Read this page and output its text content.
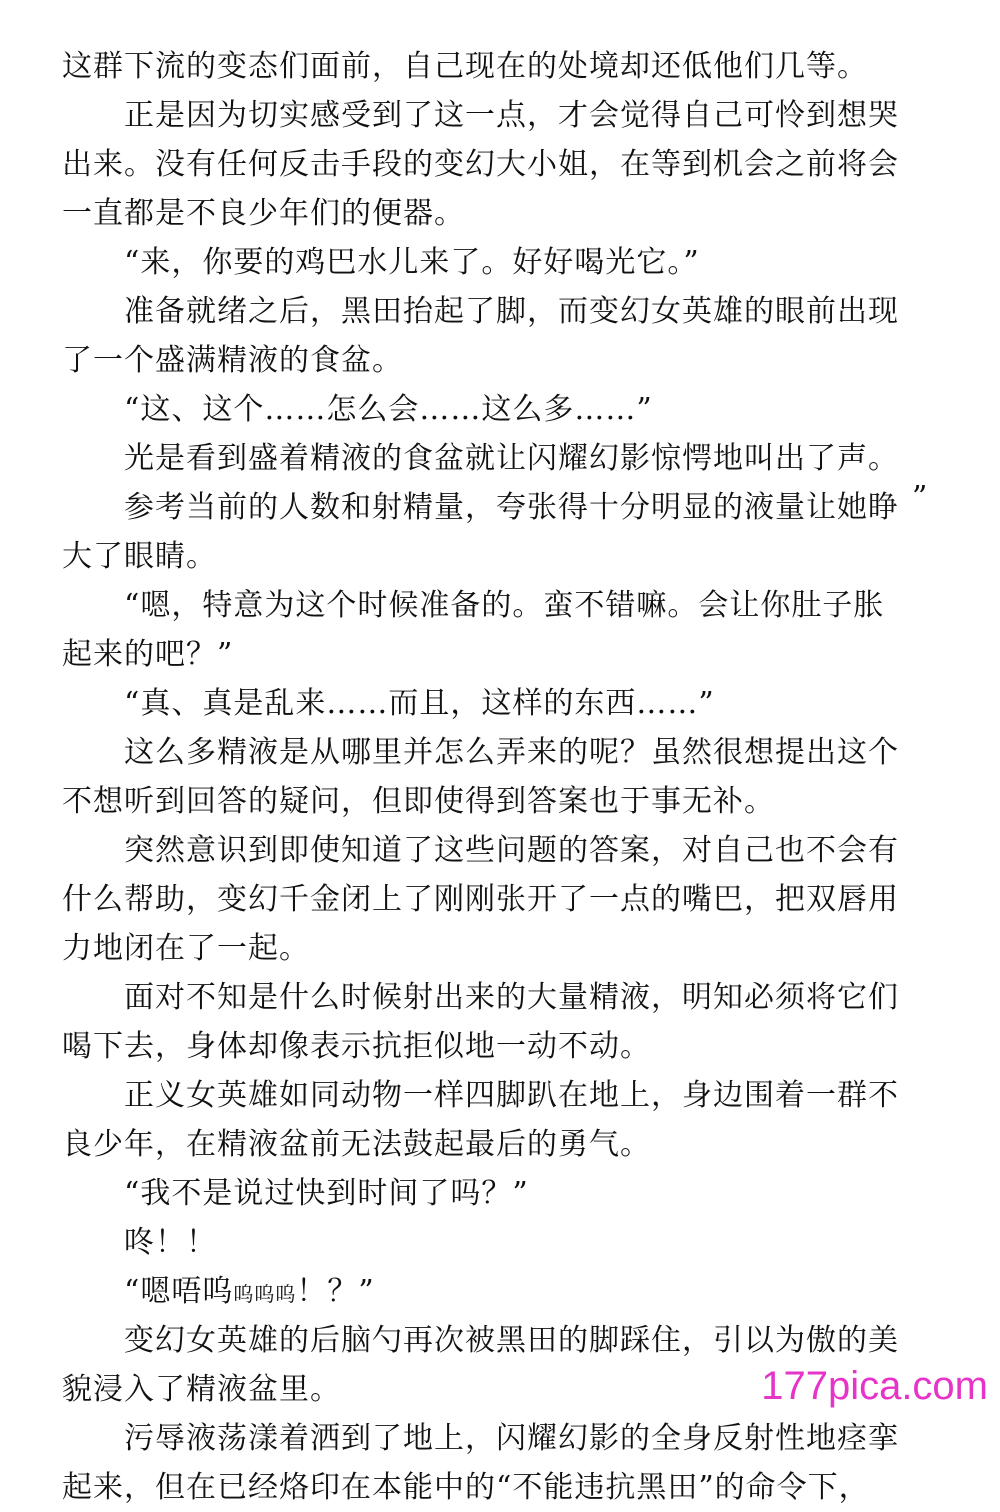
这群下流的变态们面前，自己现在的处境却还低他们几等。
正是因为切实感受到了这一点，才会觉得自己可怜到想哭
出来。没有任何反击手段的变幻大小姐，在等到机会之前将会
一直都是不良少年们的便器。
“来，你要的鸡巴水儿来了。好好喝光它。”
准备就绪之后，黑田抬起了脚，而变幻女英雄的眼前出现
了一个盛满精液的食盆。
“这、这个……怎么会……这么多……”
光是看到盛着精液的食盆就让闪耀幻影惊愕地叫出了声。
参考当前的人数和射精量，夸张得十分明显的液量让她睁
大了眼睛。
“嗯，特意为这个时候准备的。蛮不错嘛。会让你肚子胀
起来的吧？”
“真、真是乱来……而且，这样的东西……”
这么多精液是从哪里并怎么弄来的呢？虽然很想提出这个
不想听到回答的疑问，但即使得到答案也于事无补。
突然意识到即使知道了这些问题的答案，对自己也不会有
什么帮助，变幻千金闭上了刚刚张开了一点的嘴巴，把双唇用
力地闭在了一起。
面对不知是什么时候射出来的大量精液，明知必须将它们
喝下去，身体却像表示抗拒似地一动不动。
正义女英雄如同动物一样四脚趴在地上，身边围着一群不
良少年，在精液盆前无法鼓起最后的勇气。
“我不是说过快到时间了吗？”
咚！！
“嗯唔呜呜呜呜！？”
变幻女英雄的后脑勺再次被黑田的脚踩住，引以为傲的美
貌浸入了精液盆里。
污辱液荡漾着洒到了地上，闪耀幻影的全身反射性地痉挛
起来，但在已经烙印在本能中的“不能违抗黑田”的命令下，
”
177pica.com
